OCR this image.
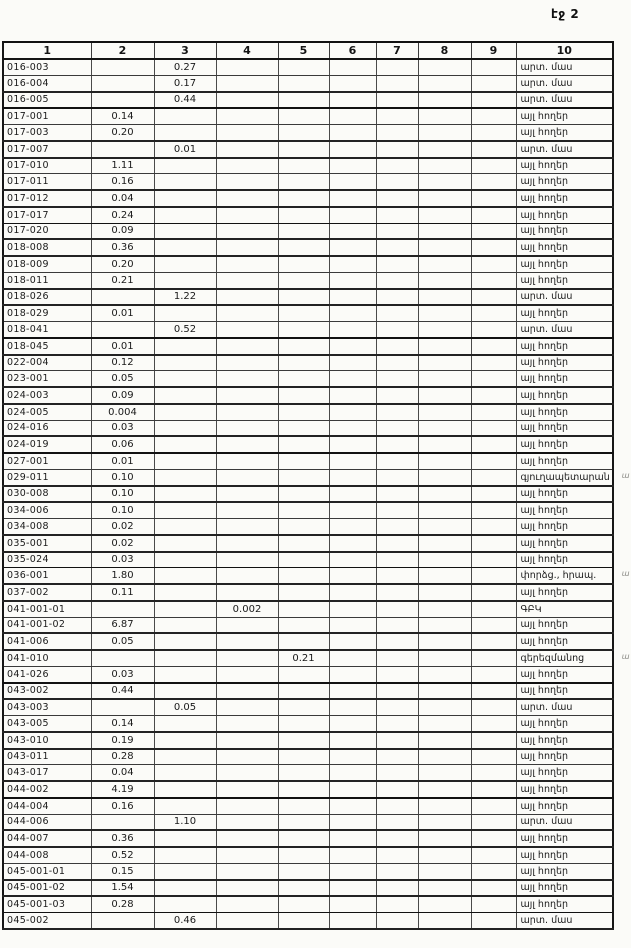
էջ 2
1	2	3	4	5	6	7	8	9	10
016-003		0.27							արտ. մաս
016-004		0.17							արտ. մաս
016-005		0.44							արտ. մաս
017-001	0.14								այլ հողեր
017-003	0.20								այլ հողեր
017-007		0.01							արտ. մաս
017-010	1.11								այլ հողեր
017-011	0.16								այլ հողեր
017-012	0.04								այլ հողեր
017-017	0.24								այլ հողեր
017-020	0.09								այլ հողեր
018-008	0.36								այլ հողեր
018-009	0.20								այլ հողեր
018-011	0.21								այլ հողեր
018-026		1.22							արտ. մաս
018-029	0.01								այլ հողեր
018-041		0.52							արտ. մաս
018-045	0.01								այլ հողեր
022-004	0.12								այլ հողեր
023-001	0.05								այլ հողեր
024-003	0.09								այլ հողեր
024-005	0.004								այլ հողեր
024-016	0.03								այլ հողեր
024-019	0.06								այլ հողեր
027-001	0.01								այլ հողեր
029-011	0.10								գյուղապետարան ա

030-008	0.10								այլ հողեր
034-006	0.10								այլ հողեր
034-008	0.02								այլ հողեր
035-001	0.02								այլ հողեր
035-024	0.03								այլ հողեր
036-001	1.80								փորձց., հրապ. ա

037-002	0.11								այլ հողեր
041-001-01			0.002						ԳԲԿ
041-001-02	6.87								այլ հողեր
041-006	0.05								այլ հողեր
041-010				0.21					գերեզմանոց ա

041-026	0.03								այլ հողեր
043-002	0.44								այլ հողեր
043-003		0.05							արտ. մաս
043-005	0.14								այլ հողեր
043-010	0.19								այլ հողեր
043-011	0.28								այլ հողեր
043-017	0.04								այլ հողեր
044-002	4.19								այլ հողեր
044-004	0.16								այլ հողեր
044-006		1.10							արտ. մաս
044-007	0.36								այլ հողեր
044-008	0.52								այլ հողեր
045-001-01	0.15								այլ հողեր
045-001-02	1.54								այլ հողեր
045-001-03	0.28								այլ հողեր
045-002		0.46							արտ. մաս
